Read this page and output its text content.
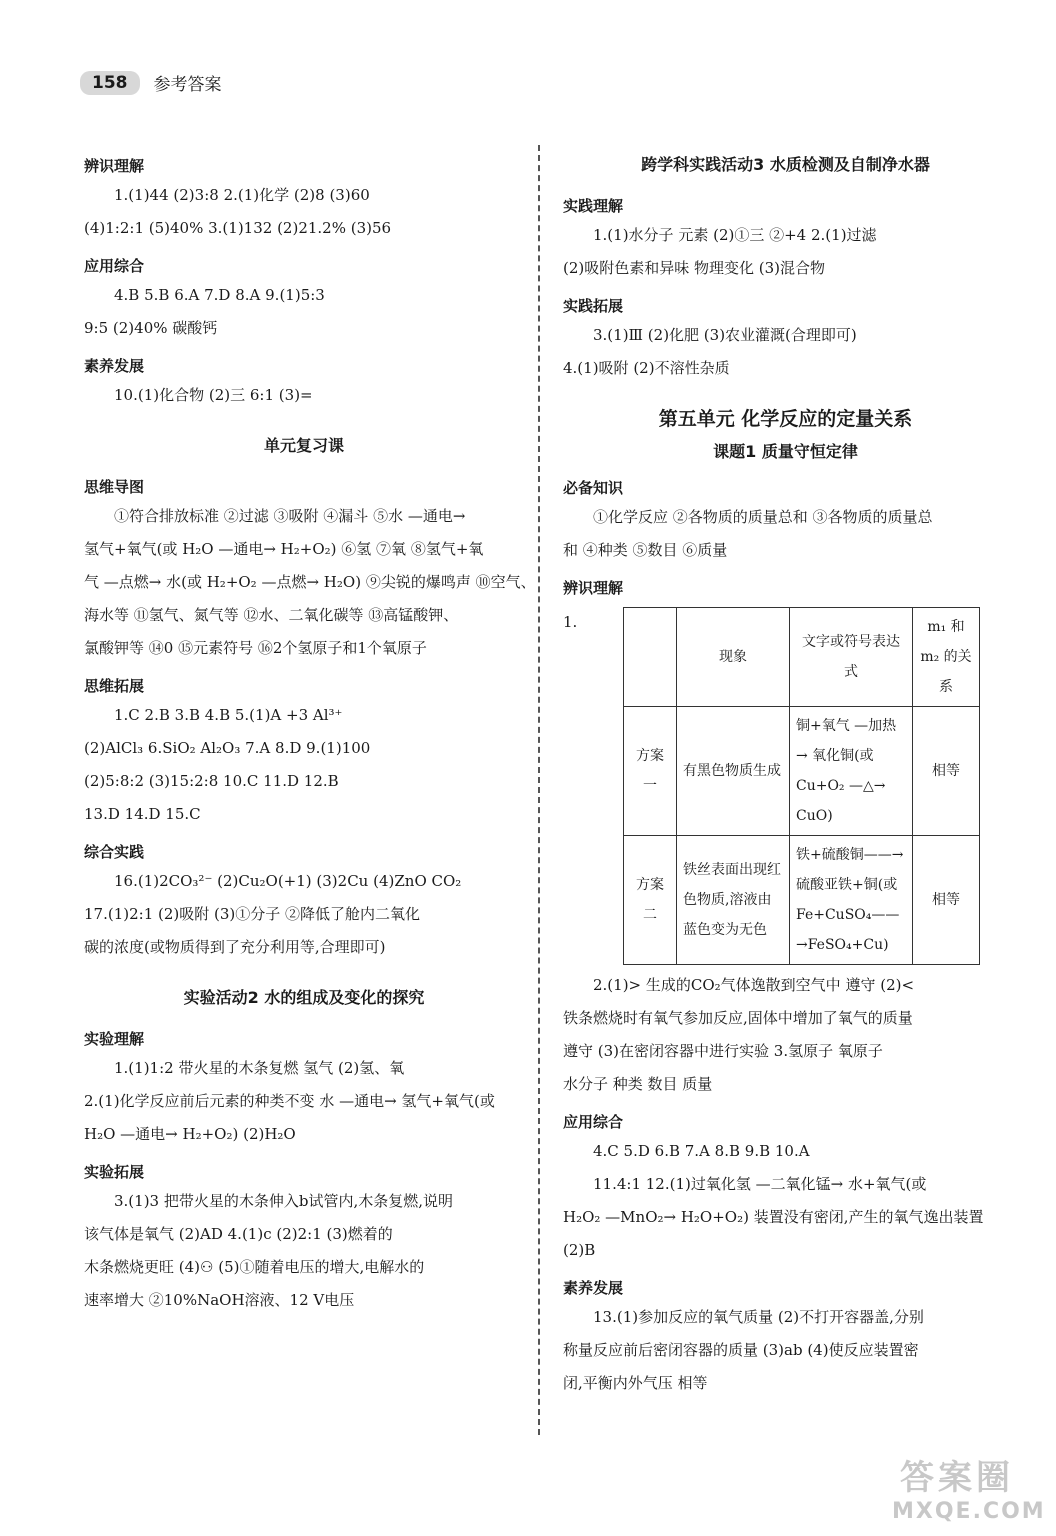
158	参考答案
辨识理解
1.(1)44 (2)3:8 2.(1)化学 (2)8 (3)60
(4)1:2:1 (5)40% 3.(1)132 (2)21.2% (3)56
应用综合
4.B 5.B 6.A 7.D 8.A 9.(1)5:3
9:5 (2)40% 碳酸钙
素养发展
10.(1)化合物 (2)三 6:1 (3)=
单元复习课
思维导图
①符合排放标准 ②过滤 ③吸附 ④漏斗 ⑤水 —通电→
氢气+氧气(或 H₂O —通电→ H₂+O₂) ⑥氢 ⑦氧 ⑧氢气+氧
气 —点燃→ 水(或 H₂+O₂ —点燃→ H₂O) ⑨尖锐的爆鸣声 ⑩空气、
海水等 ⑪氢气、氮气等 ⑫水、二氧化碳等 ⑬高锰酸钾、
氯酸钾等 ⑭0 ⑮元素符号 ⑯2个氢原子和1个氧原子
思维拓展
1.C 2.B 3.B 4.B 5.(1)A +3 Al³⁺
(2)AlCl₃ 6.SiO₂ Al₂O₃ 7.A 8.D 9.(1)100
(2)5:8:2 (3)15:2:8 10.C 11.D 12.B
13.D 14.D 15.C
综合实践
16.(1)2CO₃²⁻ (2)Cu₂O(+1) (3)2Cu (4)ZnO CO₂
17.(1)2:1 (2)吸附 (3)①分子 ②降低了舱内二氧化
碳的浓度(或物质得到了充分利用等,合理即可)
实验活动2 水的组成及变化的探究
实验理解
1.(1)1:2 带火星的木条复燃 氢气 (2)氢、氧
2.(1)化学反应前后元素的种类不变 水 —通电→ 氢气+氧气(或
H₂O —通电→ H₂+O₂) (2)H₂O
实验拓展
3.(1)3 把带火星的木条伸入b试管内,木条复燃,说明
该气体是氧气 (2)AD 4.(1)c (2)2:1 (3)燃着的
木条燃烧更旺 (4)⚇ (5)①随着电压的增大,电解水的
速率增大 ②10%NaOH溶液、12 V电压
跨学科实践活动3 水质检测及自制净水器
实践理解
1.(1)水分子 元素 (2)①三 ②+4 2.(1)过滤
(2)吸附色素和异味 物理变化 (3)混合物
实践拓展
3.(1)Ⅲ (2)化肥 (3)农业灌溉(合理即可)
4.(1)吸附 (2)不溶性杂质
第五单元 化学反应的定量关系
课题1 质量守恒定律
必备知识
①化学反应 ②各物质的质量总和 ③各物质的质量总
和 ④种类 ⑤数目 ⑥质量
辨识理解
1.
	现象	文字或符号表达式	m₁ 和 m₂ 的关系
方案一	有黑色物质生成	铜+氧气 —加热→ 氧化铜(或 Cu+O₂ —△→ CuO)	相等
方案二	铁丝表面出现红色物质,溶液由蓝色变为无色	铁+硫酸铜——→硫酸亚铁+铜(或 Fe+CuSO₄——→FeSO₄+Cu)	相等
2.(1)> 生成的CO₂气体逸散到空气中 遵守 (2)<
铁条燃烧时有氧气参加反应,固体中增加了氧气的质量
遵守 (3)在密闭容器中进行实验 3.氢原子 氧原子
水分子 种类 数目 质量
应用综合
4.C 5.D 6.B 7.A 8.B 9.B 10.A
11.4:1 12.(1)过氧化氢 —二氧化锰→ 水+氧气(或
H₂O₂ —MnO₂→ H₂O+O₂) 装置没有密闭,产生的氧气逸出装置
(2)B
素养发展
13.(1)参加反应的氧气质量 (2)不打开容器盖,分别
称量反应前后密闭容器的质量 (3)ab (4)使反应装置密
闭,平衡内外气压 相等
答案圈
MXQE.COM
